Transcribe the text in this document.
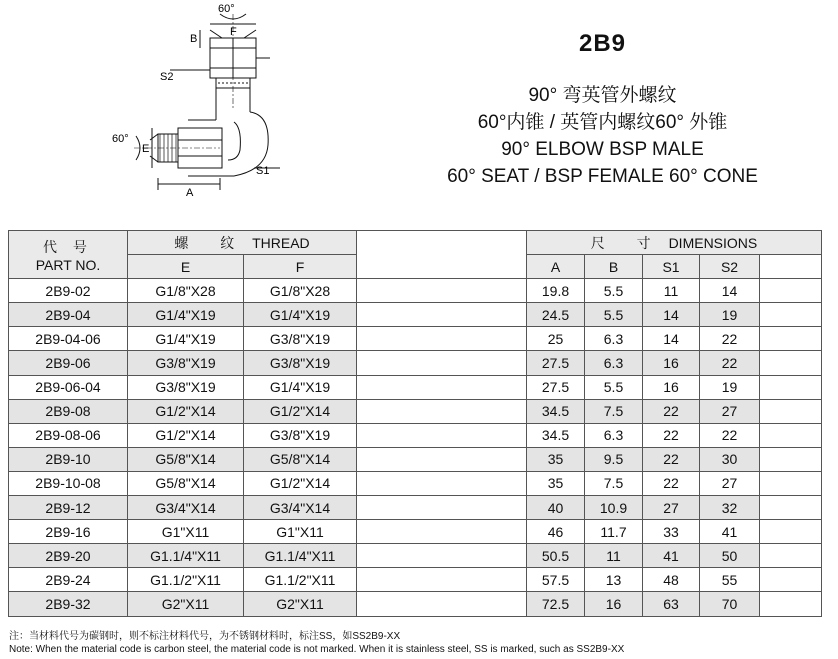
60°
F
B
S2
60°
E
A
S1
2B9
90° 弯英管外螺纹
60°内锥 / 英管内螺纹60° 外锥
90° ELBOW BSP MALE
60° SEAT / BSP FEMALE 60° CONE
代 号
PART NO.	螺 纹 THREAD			尺 寸 DIMENSIONS				
	E	F		A	B	S1	S2	
2B9-02	G1/8"X28	G1/8"X28		19.8	5.5	11	14	
2B9-04	G1/4"X19	G1/4"X19		24.5	5.5	14	19	
2B9-04-06	G1/4"X19	G3/8"X19		25	6.3	14	22	
2B9-06	G3/8"X19	G3/8"X19		27.5	6.3	16	22	
2B9-06-04	G3/8"X19	G1/4"X19		27.5	5.5	16	19	
2B9-08	G1/2"X14	G1/2"X14		34.5	7.5	22	27	
2B9-08-06	G1/2"X14	G3/8"X19		34.5	6.3	22	22	
2B9-10	G5/8"X14	G5/8"X14		35	9.5	22	30	
2B9-10-08	G5/8"X14	G1/2"X14		35	7.5	22	27	
2B9-12	G3/4"X14	G3/4"X14		40	10.9	27	32	
2B9-16	G1"X11	G1"X11		46	11.7	33	41	
2B9-20	G1.1/4"X11	G1.1/4"X11		50.5	11	41	50	
2B9-24	G1.1/2"X11	G1.1/2"X11		57.5	13	48	55	
2B9-32	G2"X11	G2"X11		72.5	16	63	70	
注：当材料代号为碳钢时，则不标注材料代号，为不锈钢材料时，标注SS，如SS2B9-XX
Note: When the material code is carbon steel, the material code is not marked. When it is stainless steel, SS is marked, such as SS2B9-XX
